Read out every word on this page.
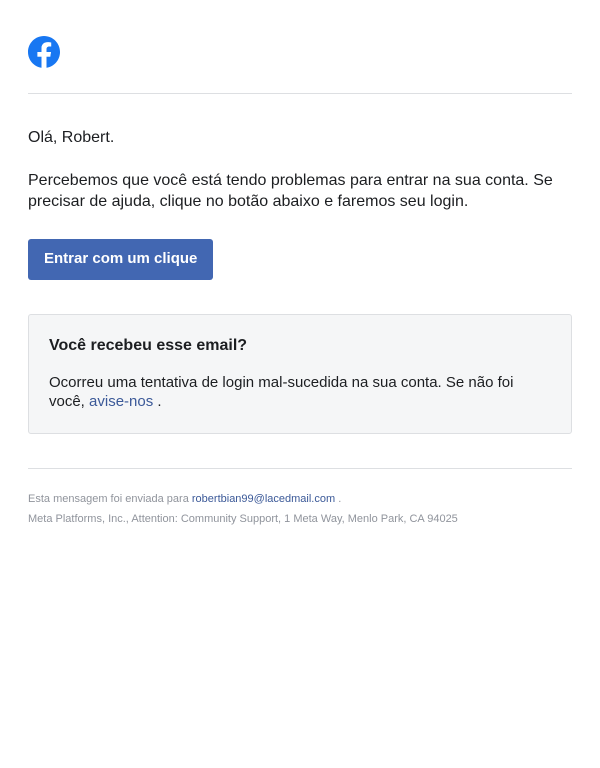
Olá, Robert.

Percebemos que você está tendo problemas para entrar na sua conta. Se precisar de ajuda, clique no botão abaixo e faremos seu login.

Entrar com um clique

Você recebeu esse email?

Ocorreu uma tentativa de login mal-sucedida na sua conta. Se não foi você, avise-nos .

Esta mensagem foi enviada para robertbian99@lacedmail.com .
Meta Platforms, Inc., Attention: Community Support, 1 Meta Way, Menlo Park, CA 94025
